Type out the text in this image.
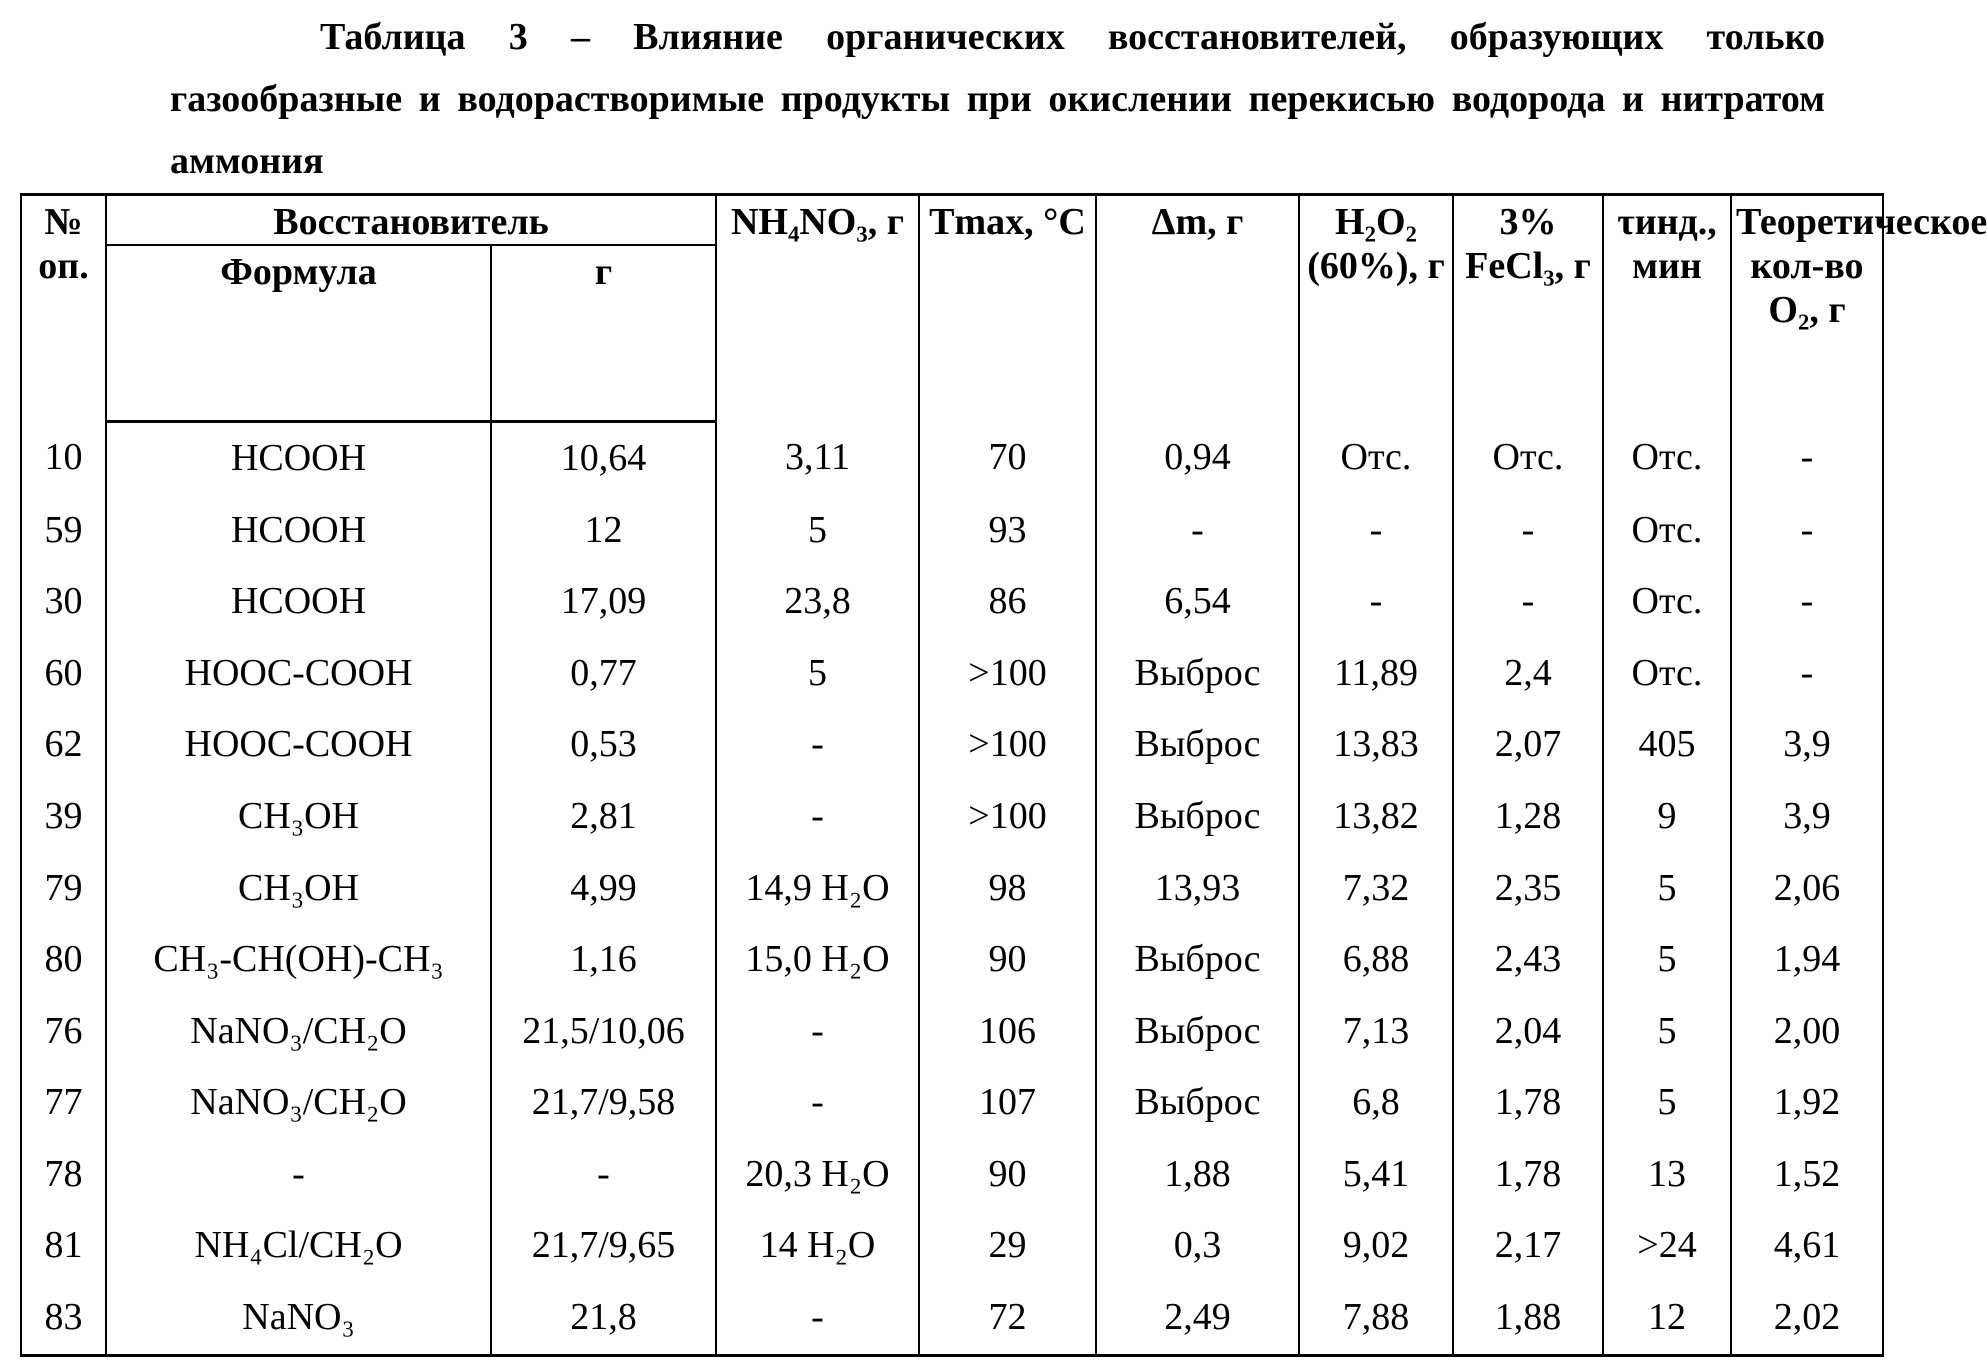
Таблица 3 – Влияние органических восстановителей, образующих только газообразные и водорастворимые продукты при окислении перекисью водорода и нитратом аммония
№ оп.	Восстановитель		NH₄NO₃, г	Tmax, °С	Δm, г	H₂O₂ (60%), г	3% FeCl₃, г	τинд., мин	Теоретическое кол-во O₂, г
	Формула	г							
10	HCOOH	10,64	3,11	70	0,94	Отс.	Отс.	Отс.	-
59	HCOOH	12	5	93	-	-	-	Отс.	-
30	HCOOH	17,09	23,8	86	6,54	-	-	Отс.	-
60	HOOC-COOH	0,77	5	>100	Выброс	11,89	2,4	Отс.	-
62	HOOC-COOH	0,53	-	>100	Выброс	13,83	2,07	405	3,9
39	CH₃OH	2,81	-	>100	Выброс	13,82	1,28	9	3,9
79	CH₃OH	4,99	14,9 H₂O	98	13,93	7,32	2,35	5	2,06
80	CH₃-CH(OH)-CH₃	1,16	15,0 H₂O	90	Выброс	6,88	2,43	5	1,94
76	NaNO₃/CH₂O	21,5/10,06	-	106	Выброс	7,13	2,04	5	2,00
77	NaNO₃/CH₂O	21,7/9,58	-	107	Выброс	6,8	1,78	5	1,92
78	-	-	20,3 H₂O	90	1,88	5,41	1,78	13	1,52
81	NH₄Cl/CH₂O	21,7/9,65	14 H₂O	29	0,3	9,02	2,17	>24	4,61
83	NaNO₃	21,8	-	72	2,49	7,88	1,88	12	2,02
